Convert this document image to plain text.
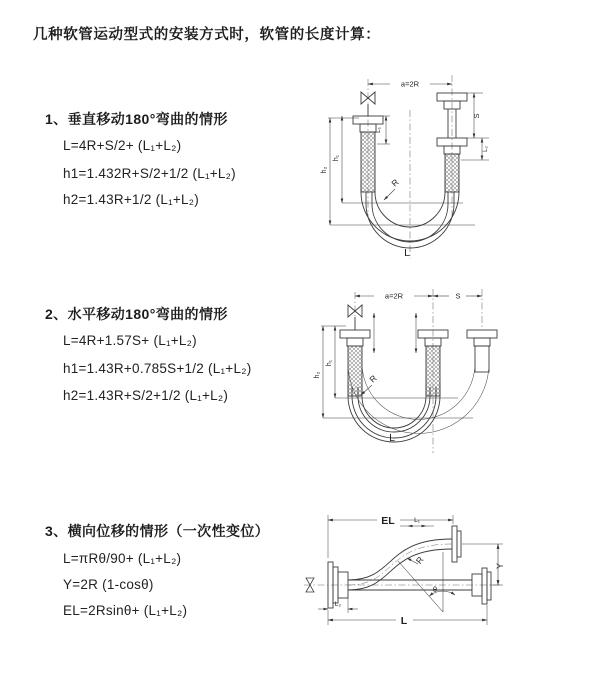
几种软管运动型式的安装方式时，软管的长度计算：
1、垂直移动180°弯曲的情形
L=4R+S/2+ (L₁+L₂)
h1=1.432R+S/2+1/2 (L₁+L₂)
h2=1.43R+1/2 (L₁+L₂)
2、水平移动180°弯曲的情形
L=4R+1.57S+ (L₁+L₂)
h1=1.43R+0.785S+1/2 (L₁+L₂)
h2=1.43R+S/2+1/2 (L₁+L₂)
3、横向位移的情形（一次性变位）
L=πRθ/90+ (L₁+L₂)
Y=2R (1-cosθ)
EL=2Rsinθ+ (L₁+L₂)
a=2R
L₁
S
L₂
h₁
h₂
R
L
a=2R	S
h₁
h₂	R
L
EL	L₁
Y
L
L₂
R
θ
